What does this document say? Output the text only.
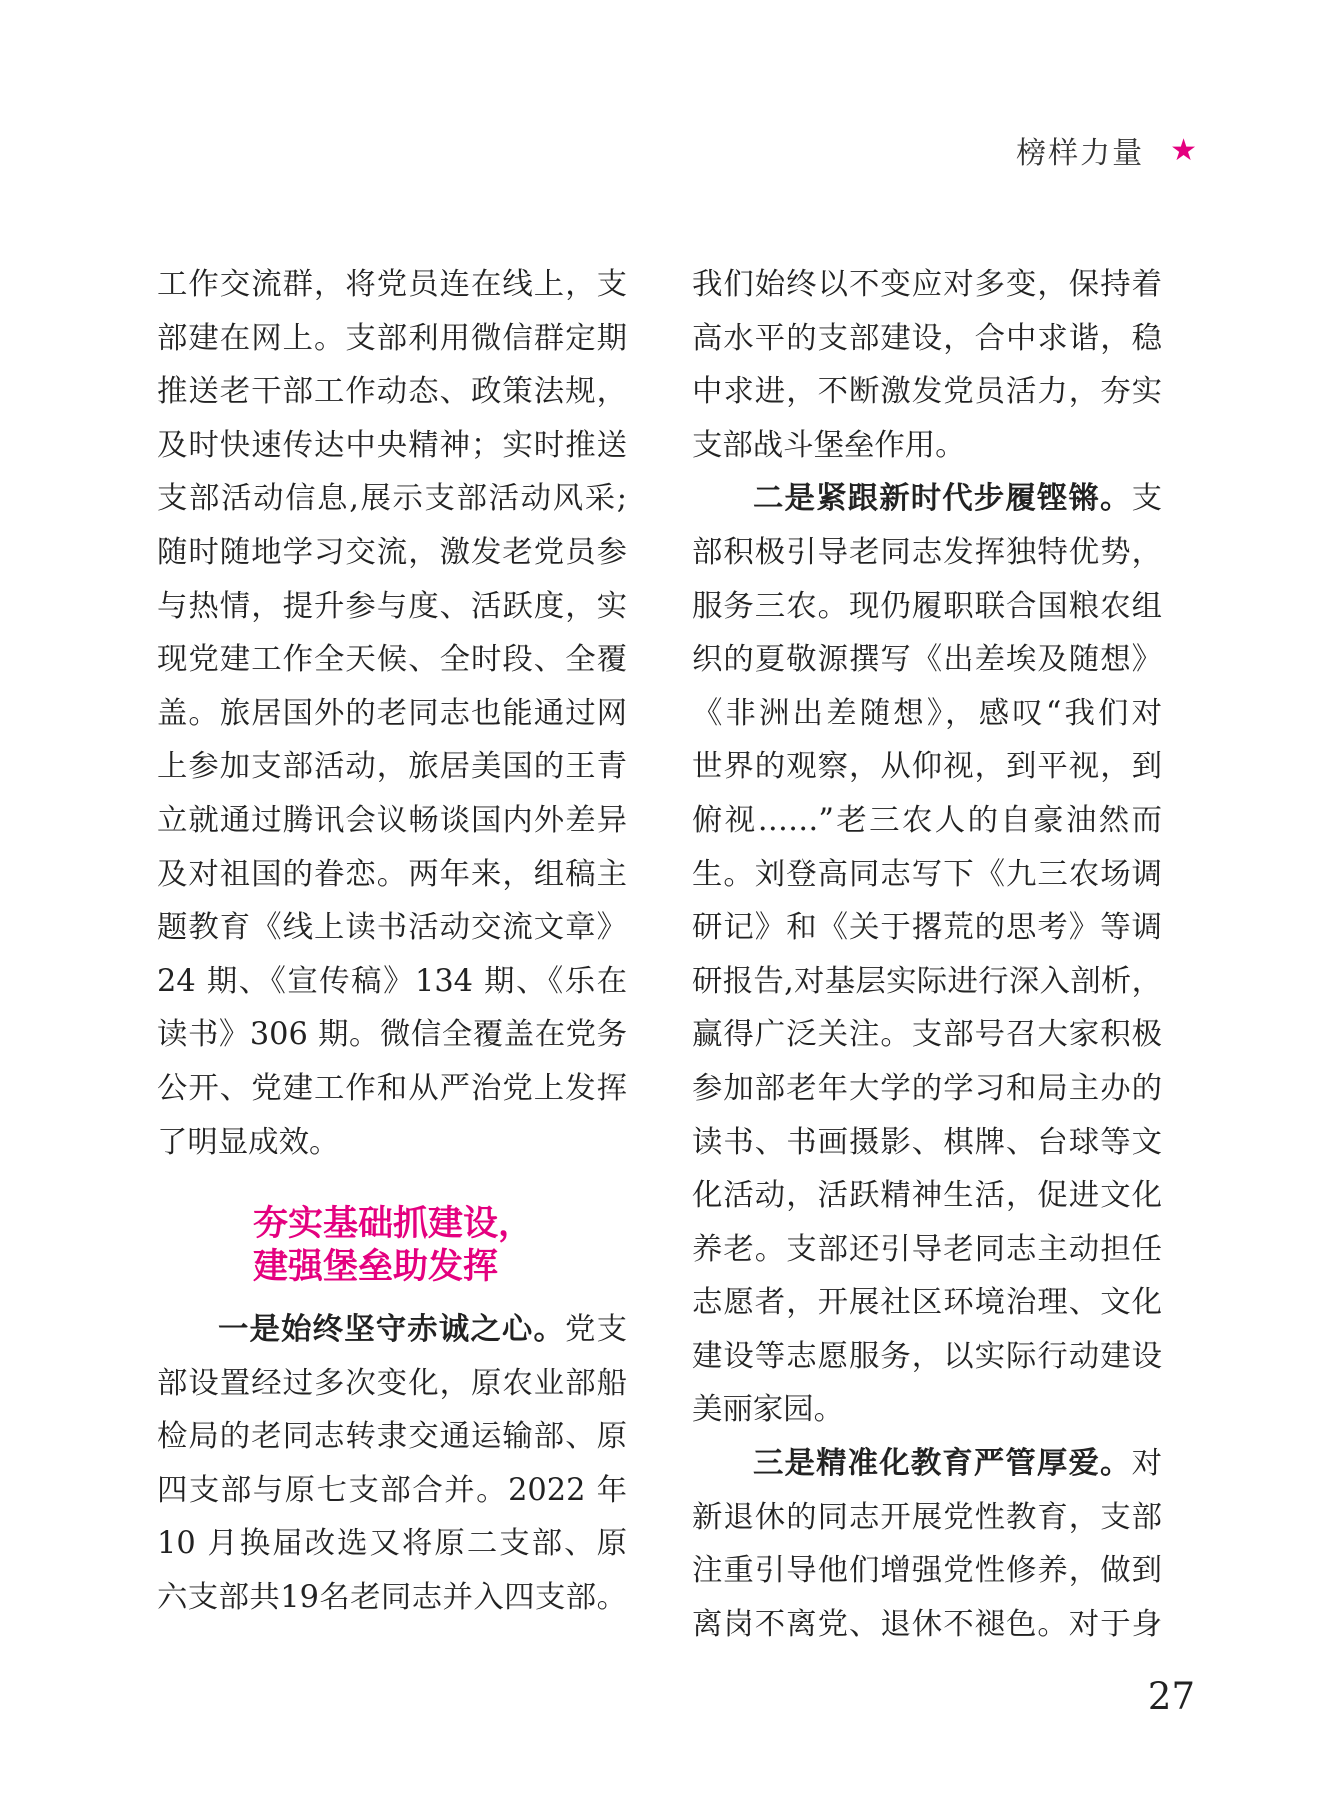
榜样力量 ★
工作交流群，将党员连在线上，支
部建在网上。支部利用微信群定期
推送老干部工作动态、政策法规，
及时快速传达中央精神；实时推送
支部活动信息,展示支部活动风采;
随时随地学习交流，激发老党员参
与热情，提升参与度、活跃度，实
现党建工作全天候、全时段、全覆
盖。旅居国外的老同志也能通过网
上参加支部活动，旅居美国的王青
立就通过腾讯会议畅谈国内外差异
及对祖国的眷恋。两年来，组稿主
题教育《线上读书活动交流文章》
24 期、《宣传稿》134 期、《乐在
读书》306 期。微信全覆盖在党务
公开、党建工作和从严治党上发挥
了明显成效。
夯实基础抓建设，
建强堡垒助发挥
一是始终坚守赤诚之心。党支
部设置经过多次变化，原农业部船
检局的老同志转隶交通运输部、原
四支部与原七支部合并。2022 年
10 月换届改选又将原二支部、原
六支部共19名老同志并入四支部。
我们始终以不变应对多变，保持着
高水平的支部建设，合中求谐，稳
中求进，不断激发党员活力，夯实
支部战斗堡垒作用。
二是紧跟新时代步履铿锵。支
部积极引导老同志发挥独特优势，
服务三农。现仍履职联合国粮农组
织的夏敬源撰写《出差埃及随想》
《非洲出差随想》，感叹“我们对
世界的观察，从仰视，到平视，到
俯视……”老三农人的自豪油然而
生。刘登高同志写下《九三农场调
研记》和《关于撂荒的思考》等调
研报告,对基层实际进行深入剖析，
赢得广泛关注。支部号召大家积极
参加部老年大学的学习和局主办的
读书、书画摄影、棋牌、台球等文
化活动，活跃精神生活，促进文化
养老。支部还引导老同志主动担任
志愿者，开展社区环境治理、文化
建设等志愿服务，以实际行动建设
美丽家园。
三是精准化教育严管厚爱。对
新退休的同志开展党性教育，支部
注重引导他们增强党性修养，做到
离岗不离党、退休不褪色。对于身
27
